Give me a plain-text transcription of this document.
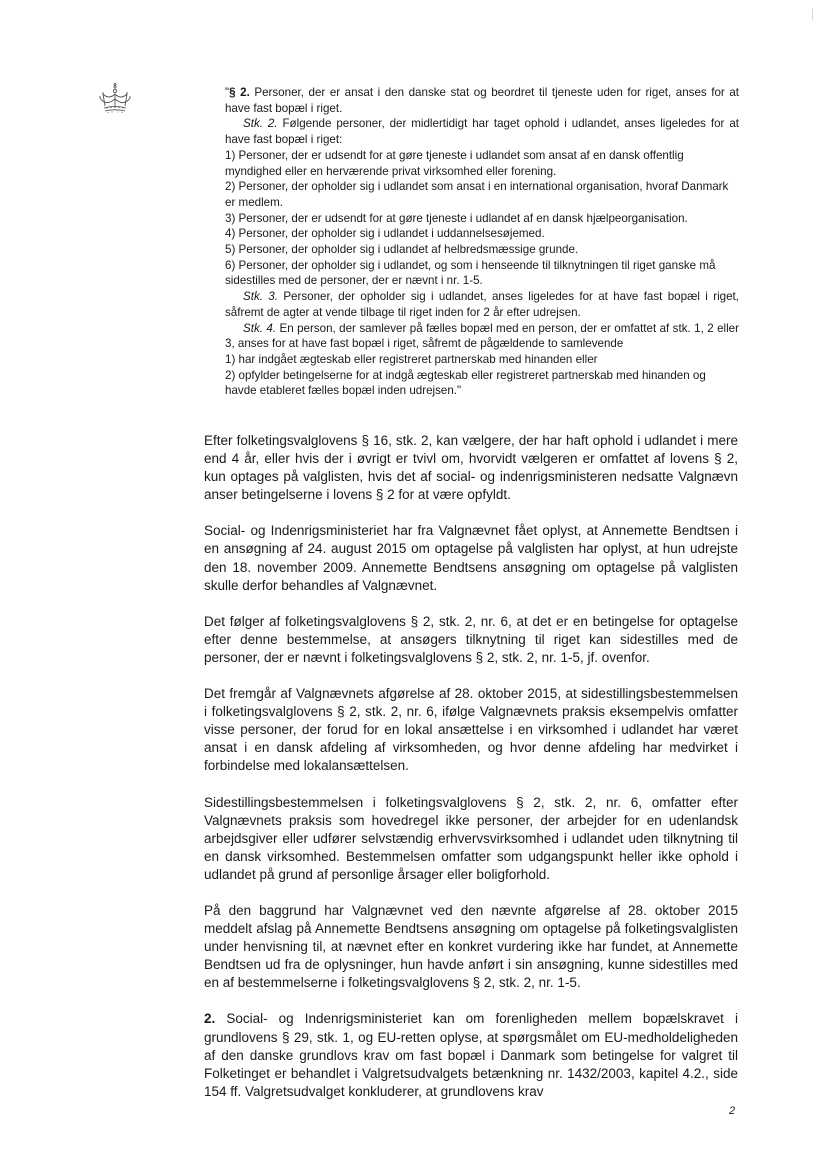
"§ 2. Personer, der er ansat i den danske stat og beordret til tjeneste uden for riget, anses for at have fast bopæl i riget.

Stk. 2. Følgende personer, der midlertidigt har taget ophold i udlandet, anses ligeledes for at have fast bopæl i riget:

1) Personer, der er udsendt for at gøre tjeneste i udlandet som ansat af en dansk offentlig myndighed eller en herværende privat virksomhed eller forening.

2) Personer, der opholder sig i udlandet som ansat i en international organisation, hvoraf Danmark er medlem.

3) Personer, der er udsendt for at gøre tjeneste i udlandet af en dansk hjælpeorganisation.

4) Personer, der opholder sig i udlandet i uddannelsesøjemed.

5) Personer, der opholder sig i udlandet af helbredsmæssige grunde.

6) Personer, der opholder sig i udlandet, og som i henseende til tilknytningen til riget ganske må sidestilles med de personer, der er nævnt i nr. 1-5.

Stk. 3. Personer, der opholder sig i udlandet, anses ligeledes for at have fast bopæl i riget, såfremt de agter at vende tilbage til riget inden for 2 år efter udrejsen.

Stk. 4. En person, der samlever på fælles bopæl med en person, der er omfattet af stk. 1, 2 eller 3, anses for at have fast bopæl i riget, såfremt de pågældende to samlevende

1) har indgået ægteskab eller registreret partnerskab med hinanden eller

2) opfylder betingelserne for at indgå ægteskab eller registreret partnerskab med hinanden og havde etableret fælles bopæl inden udrejsen."

Efter folketingsvalglovens § 16, stk. 2, kan vælgere, der har haft ophold i udlandet i mere end 4 år, eller hvis der i øvrigt er tvivl om, hvorvidt vælgeren er omfattet af lovens § 2, kun optages på valglisten, hvis det af social- og indenrigsministeren nedsatte Valgnævn anser betingelserne i lovens § 2 for at være opfyldt.

Social- og Indenrigsministeriet har fra Valgnævnet fået oplyst, at Annemette Bendtsen i en ansøgning af 24. august 2015 om optagelse på valglisten har oplyst, at hun udrejste den 18. november 2009. Annemette Bendtsens ansøgning om optagelse på valglisten skulle derfor behandles af Valgnævnet.

Det følger af folketingsvalglovens § 2, stk. 2, nr. 6, at det er en betingelse for optagelse efter denne bestemmelse, at ansøgers tilknytning til riget kan sidestilles med de personer, der er nævnt i folketingsvalglovens § 2, stk. 2, nr. 1-5, jf. ovenfor.

Det fremgår af Valgnævnets afgørelse af 28. oktober 2015, at sidestillingsbestemmelsen i folketingsvalglovens § 2, stk. 2, nr. 6, ifølge Valgnævnets praksis eksempelvis omfatter visse personer, der forud for en lokal ansættelse i en virksomhed i udlandet har været ansat i en dansk afdeling af virksomheden, og hvor denne afdeling har medvirket i forbindelse med lokalansættelsen.

Sidestillingsbestemmelsen i folketingsvalglovens § 2, stk. 2, nr. 6, omfatter efter Valgnævnets praksis som hovedregel ikke personer, der arbejder for en udenlandsk arbejdsgiver eller udfører selvstændig erhvervsvirksomhed i udlandet uden tilknytning til en dansk virksomhed. Bestemmelsen omfatter som udgangspunkt heller ikke ophold i udlandet på grund af personlige årsager eller boligforhold.

På den baggrund har Valgnævnet ved den nævnte afgørelse af 28. oktober 2015 meddelt afslag på Annemette Bendtsens ansøgning om optagelse på folketingsvalglisten under henvisning til, at nævnet efter en konkret vurdering ikke har fundet, at Annemette Bendtsen ud fra de oplysninger, hun havde anført i sin ansøgning, kunne sidestilles med en af bestemmelserne i folketingsvalglovens § 2, stk. 2, nr. 1-5.

2. Social- og Indenrigsministeriet kan om forenligheden mellem bopælskravet i grundlovens § 29, stk. 1, og EU-retten oplyse, at spørgsmålet om EU-medholdeligheden af den danske grundlovs krav om fast bopæl i Danmark som betingelse for valgret til Folketinget er behandlet i Valgretsudvalgets betænkning nr. 1432/2003, kapitel 4.2., side 154 ff. Valgretsudvalget konkluderer, at grundlovens krav

2
